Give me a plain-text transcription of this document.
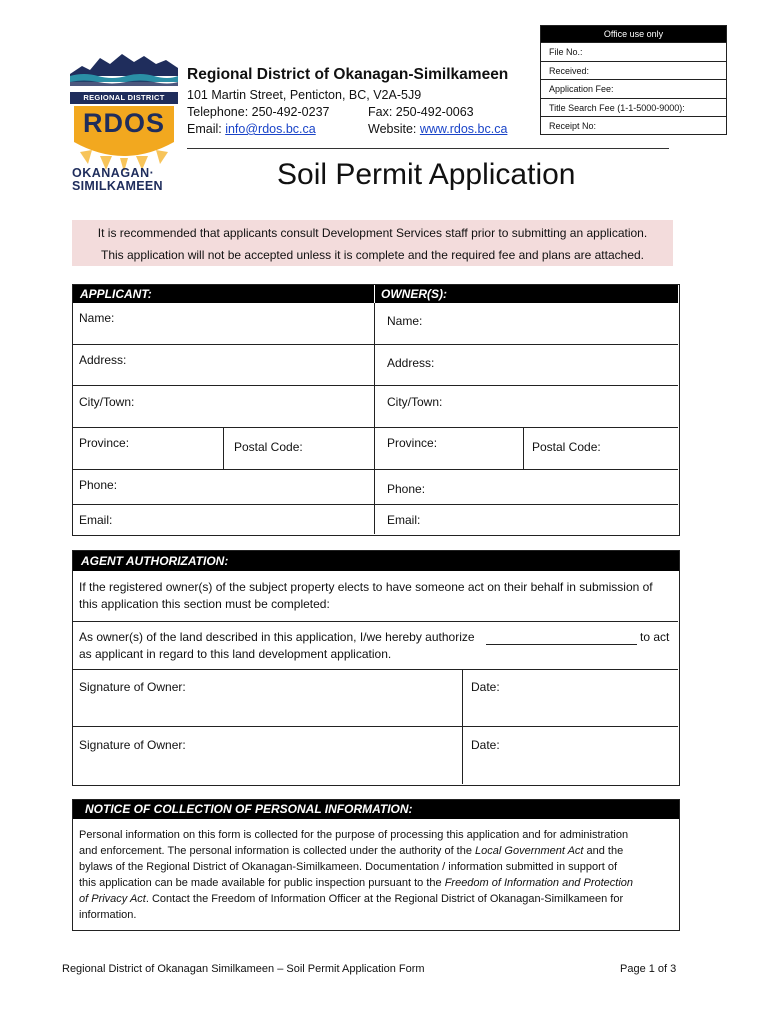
REGIONAL DISTRICT
RDOS
OKANAGAN·
SIMILKAMEEN
Regional District of Okanagan-Similkameen
101 Martin Street, Penticton, BC, V2A-5J9
Telephone: 250-492-0237	Fax: 250-492-0063
Email: info@rdos.bc.ca	Website: www.rdos.bc.ca
Office use only
File No.:
Received:
Application Fee:
Title Search Fee (1-1-5000-9000):
Receipt No:
Soil Permit Application
It is recommended that applicants consult Development Services staff prior to submitting an application.
This application will not be accepted unless it is complete and the required fee and plans are attached.
APPLICANT:	OWNER(S):
Name:
Address:
City/Town:
Province:	Postal Code:
Phone:
Email:
Name:
Address:
City/Town:
Province:	Postal Code:
Phone:
Email:
AGENT AUTHORIZATION:
If the registered owner(s) of the subject property elects to have someone act on their behalf in submission of
this application this section must be completed:
As owner(s) of the land described in this application, I/we hereby authorize	to act
as applicant in regard to this land development application.
Signature of Owner:	Date:
Signature of Owner:	Date:
NOTICE OF COLLECTION OF PERSONAL INFORMATION:
Personal information on this form is collected for the purpose of processing this application and for administration
and enforcement. The personal information is collected under the authority of the Local Government Act and the
bylaws of the Regional District of Okanagan-Similkameen. Documentation / information submitted in support of
this application can be made available for public inspection pursuant to the Freedom of Information and Protection
of Privacy Act. Contact the Freedom of Information Officer at the Regional District of Okanagan-Similkameen for
information.
Regional District of Okanagan Similkameen – Soil Permit Application Form	Page 1 of 3
